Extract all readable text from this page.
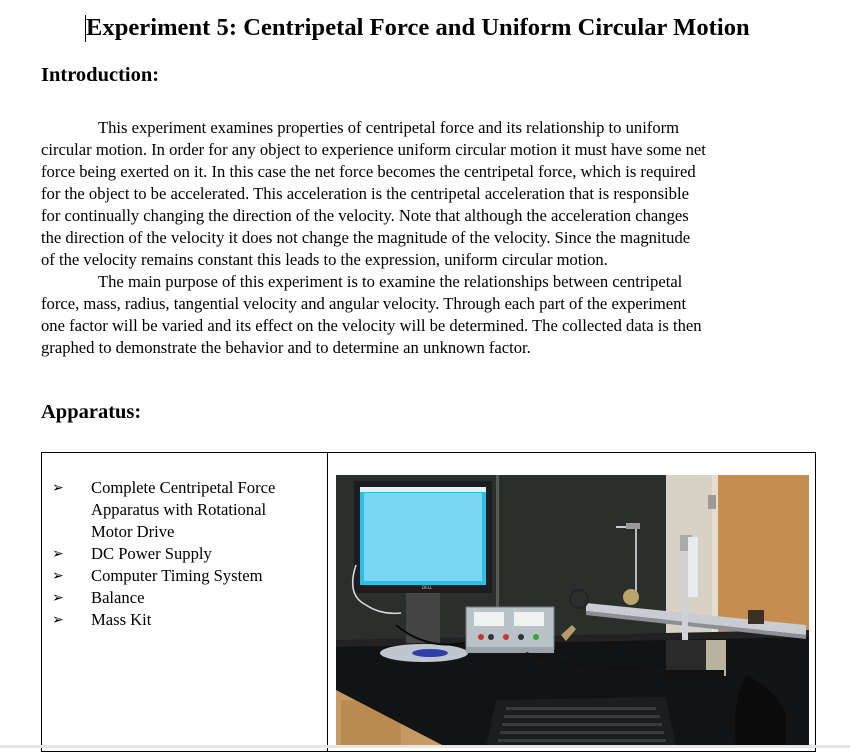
Experiment 5: Centripetal Force and Uniform Circular Motion
Introduction:
This experiment examines properties of centripetal force and its relationship to uniform
circular motion. In order for any object to experience uniform circular motion it must have some net
force being exerted on it. In this case the net force becomes the centripetal force, which is required
for the object to be accelerated. This acceleration is the centripetal acceleration that is responsible
for continually changing the direction of the velocity. Note that although the acceleration changes
the direction of the velocity it does not change the magnitude of the velocity. Since the magnitude
of the velocity remains constant this leads to the expression, uniform circular motion.
The main purpose of this experiment is to examine the relationships between centripetal
force, mass, radius, tangential velocity and angular velocity. Through each part of the experiment
one factor will be varied and its effect on the velocity will be determined. The collected data is then
graphed to demonstrate the behavior and to determine an unknown factor.
Apparatus:
➢ Complete Centripetal Force Apparatus with Rotational Motor Drive
➢ DC Power Supply
➢ Computer Timing System
➢ Balance
➢ Mass Kit
DELL
